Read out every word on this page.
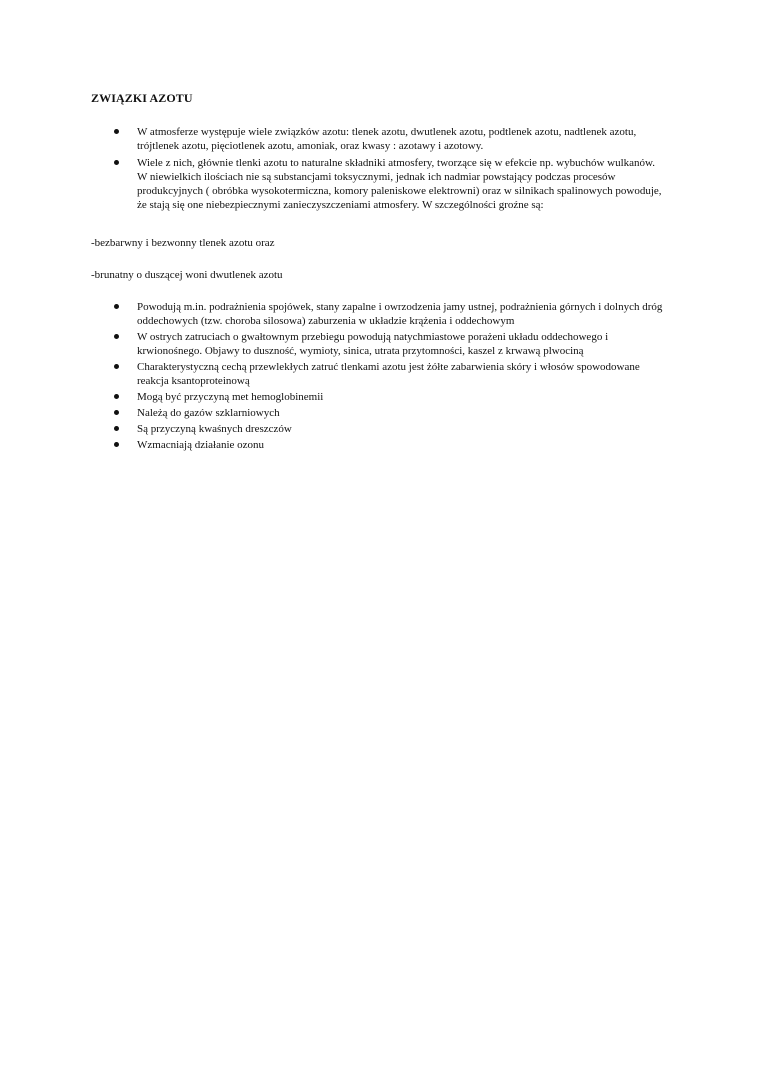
ZWIĄZKI AZOTU
W atmosferze występuje wiele związków azotu: tlenek azotu, dwutlenek azotu, podtlenek azotu, nadtlenek azotu, trójtlenek azotu, pięciotlenek azotu, amoniak, oraz kwasy : azotawy i azotowy.
Wiele z nich, głównie tlenki azotu to naturalne składniki atmosfery, tworzące się w efekcie np. wybuchów wulkanów. W niewielkich ilościach nie są substancjami toksycznymi, jednak ich nadmiar powstający podczas procesów produkcyjnych ( obróbka wysokotermiczna, komory paleniskowe elektrowni) oraz w silnikach spalinowych powoduje, że stają się one niebezpiecznymi zanieczyszczeniami atmosfery. W szczególności groźne są:

-bezbarwny i bezwonny tlenek azotu oraz

-brunatny o duszącej woni dwutlenek azotu

Powodują m.in. podrażnienia spojówek, stany zapalne i owrzodzenia jamy ustnej, podrażnienia górnych i dolnych dróg oddechowych (tzw. choroba silosowa) zaburzenia w układzie krążenia i oddechowym
W ostrych zatruciach o gwałtownym przebiegu powodują natychmiastowe porażeni układu oddechowego i krwionośnego. Objawy to duszność, wymioty, sinica, utrata przytomności, kaszel z krwawą plwociną
Charakterystyczną cechą przewlekłych zatruć tlenkami azotu jest żółte zabarwienia skóry i włosów spowodowane reakcja ksantoproteinową
Mogą być przyczyną met hemoglobinemii
Należą do gazów szklarniowych
Są przyczyną kwaśnych dreszczów
Wzmacniają działanie ozonu
